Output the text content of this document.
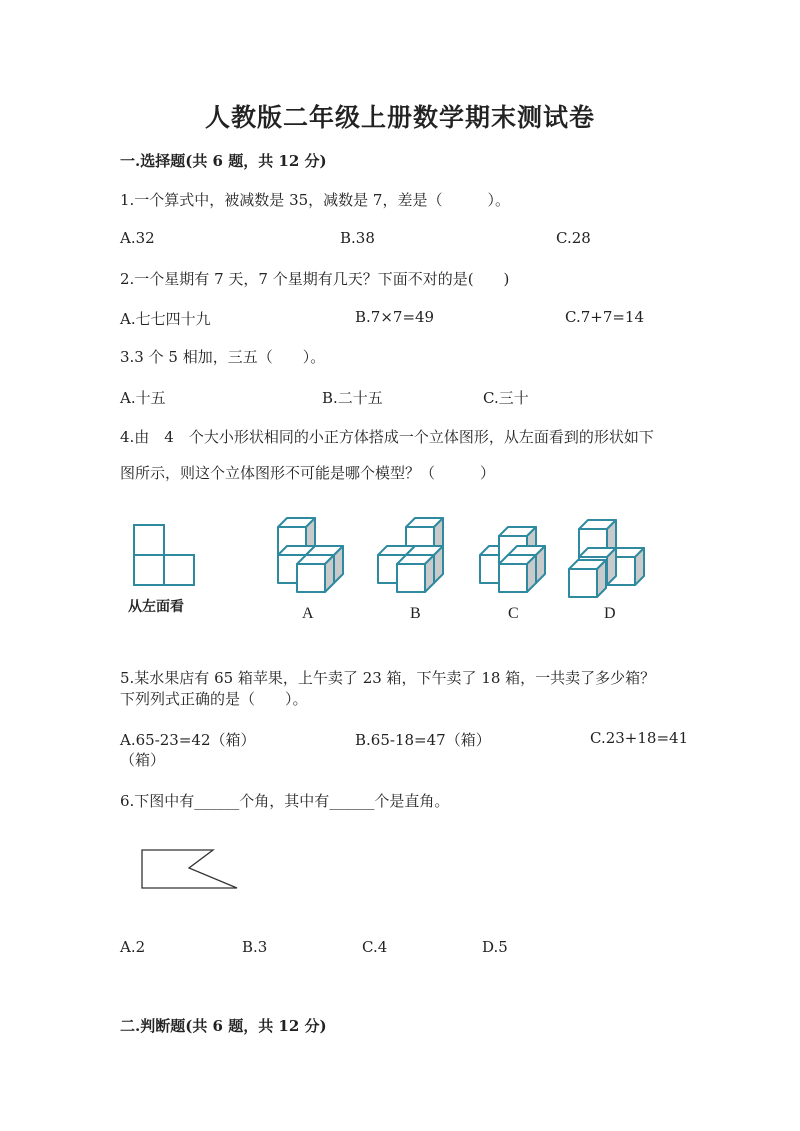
人教版二年级上册数学期末测试卷
一.选择题(共 6 题，共 12 分)
1.一个算式中，被减数是 35，减数是 7，差是（　　　）。
A.32	B.38	C.28
2.一个星期有 7 天，7 个星期有几天？下面不对的是(　　)
A.七七四十九	B.7×7=49	C.7+7=14
3.3 个 5 相加，三五（　　）。
A.十五	B.二十五	C.三十
4.由　4　个大小形状相同的小正方体搭成一个立体图形，从左面看到的形状如下
图所示，则这个立体图形不可能是哪个模型？（　　　）
从左面看	A	B	C	D
5.某水果店有 65 箱苹果，上午卖了 23 箱，下午卖了 18 箱，一共卖了多少箱？
下列列式正确的是（　　）。
A.65-23=42（箱）	B.65-18=47（箱）	C.23+18=41
（箱）
6.下图中有______个角，其中有______个是直角。
A.2	B.3	C.4	D.5
二.判断题(共 6 题，共 12 分)
